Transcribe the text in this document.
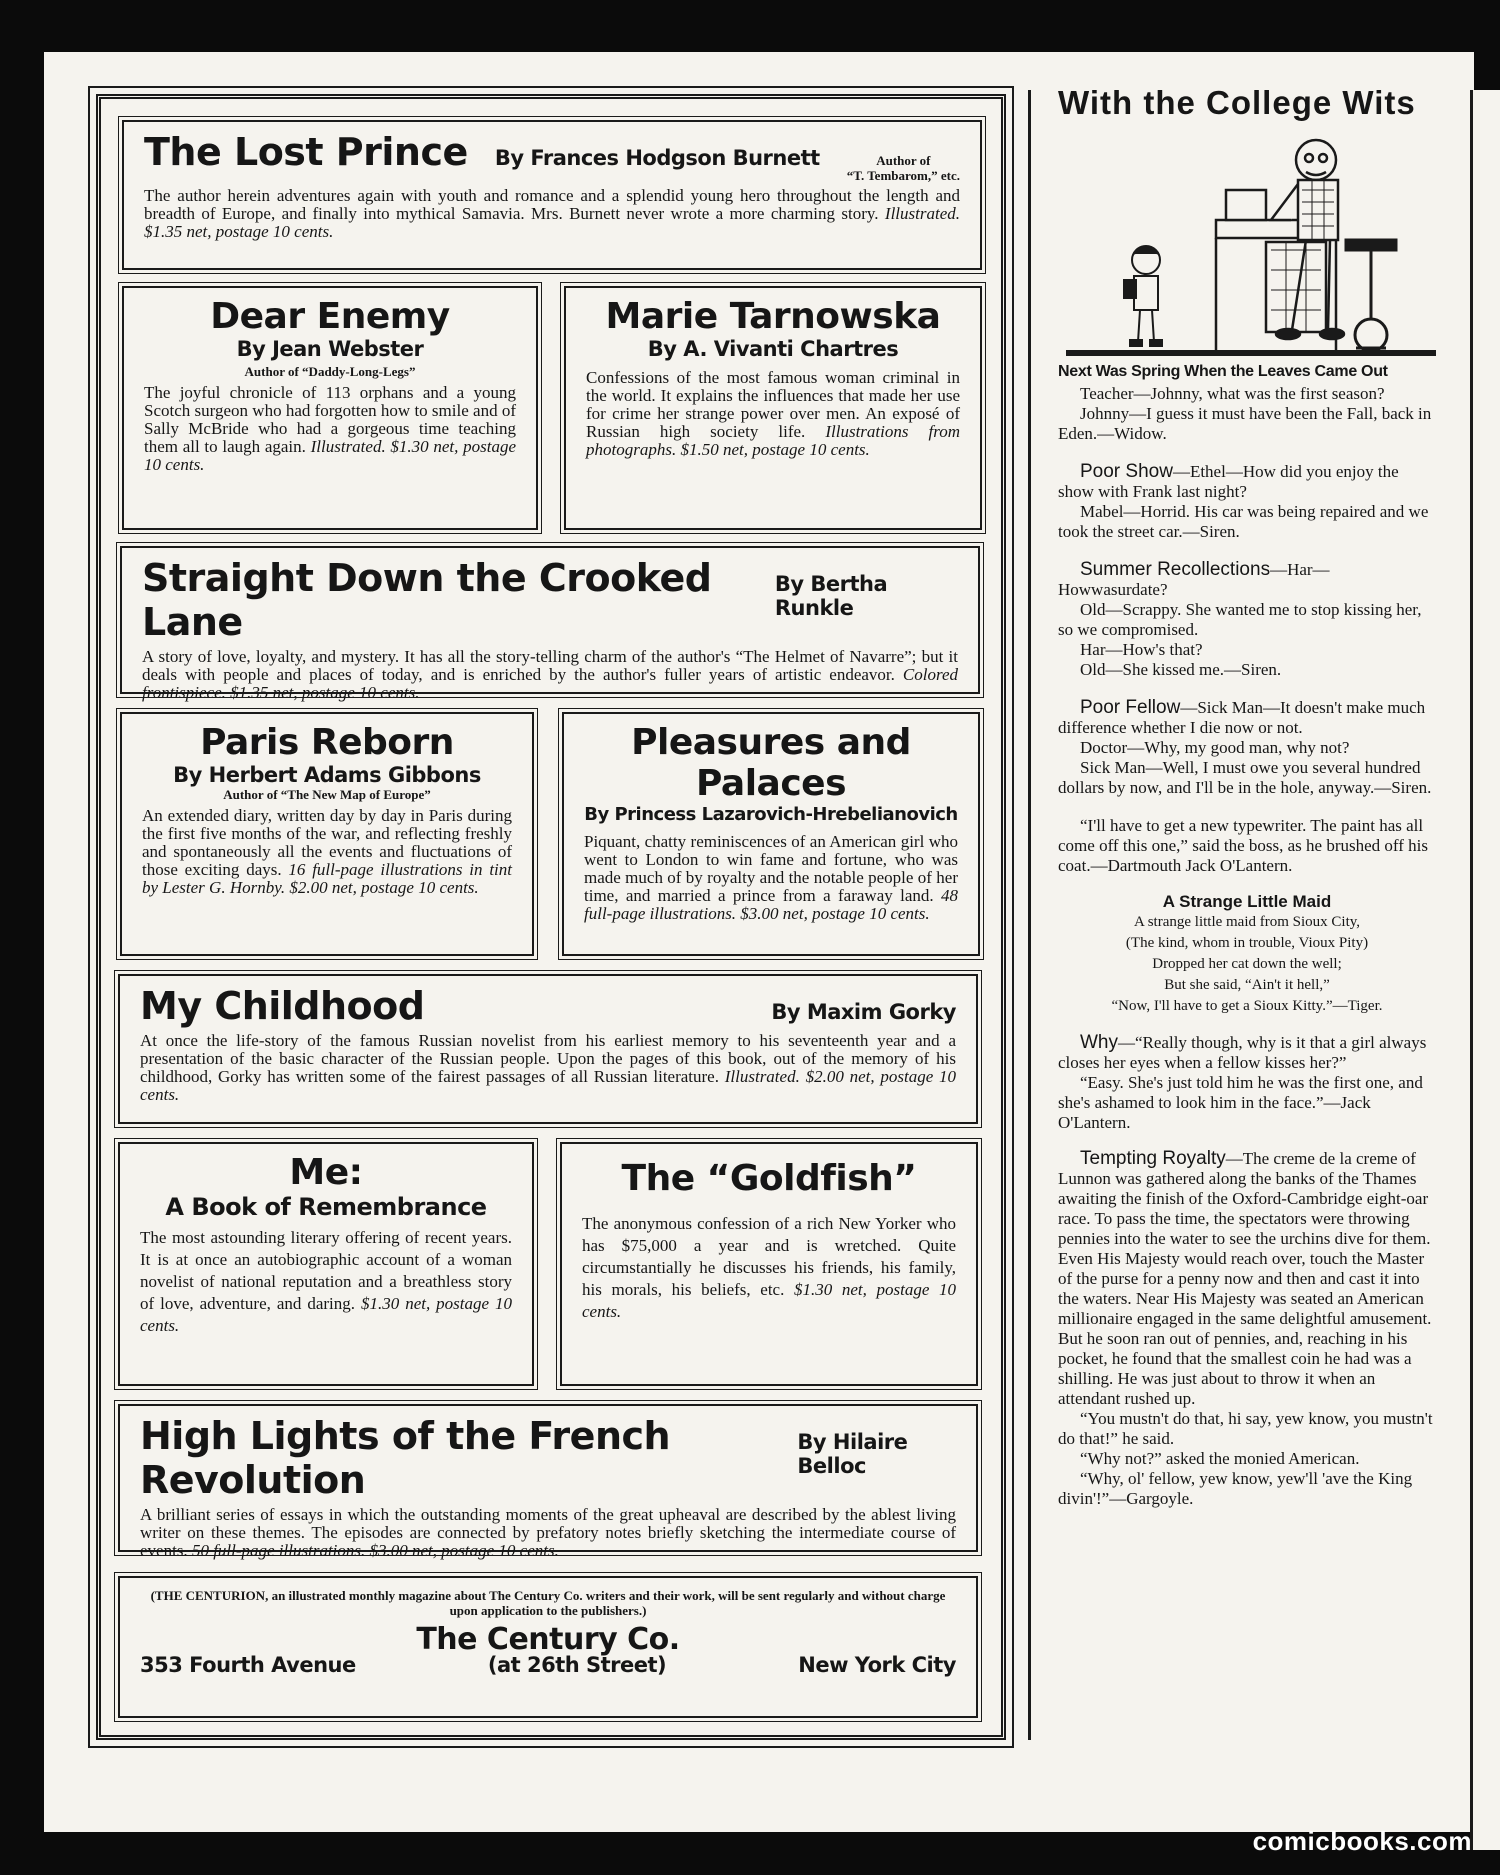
The Lost Prince By Frances Hodgson Burnett	Author of
“T. Tembarom,” etc.

The author herein adventures again with youth and romance and a splendid young hero throughout the length and breadth of Europe, and finally into mythical Samavia. Mrs. Burnett never wrote a more charming story. Illustrated. $1.35 net, postage 10 cents.

Dear Enemy
By Jean Webster
Author of “Daddy-Long-Legs”

The joyful chronicle of 113 orphans and a young Scotch surgeon who had forgotten how to smile and of Sally McBride who had a gorgeous time teaching them all to laugh again. Illustrated. $1.30 net, postage 10 cents.

Marie Tarnowska
By A. Vivanti Chartres

Confessions of the most famous woman criminal in the world. It explains the influences that made her use for crime her strange power over men. An exposé of Russian high society life. Illustrations from photographs. $1.50 net, postage 10 cents.

Straight Down the Crooked Lane
By Bertha Runkle

A story of love, loyalty, and mystery. It has all the story-telling charm of the author's “The Helmet of Navarre”; but it deals with people and places of today, and is enriched by the author's fuller years of artistic endeavor. Colored frontispiece. $1.35 net, postage 10 cents.

Paris Reborn
By Herbert Adams Gibbons
Author of “The New Map of Europe”

An extended diary, written day by day in Paris during the first five months of the war, and reflecting freshly and spontaneously all the events and fluctuations of those exciting days. 16 full-page illustrations in tint by Lester G. Hornby. $2.00 net, postage 10 cents.

Pleasures and Palaces
By Princess Lazarovich-Hrebelianovich

Piquant, chatty reminiscences of an American girl who went to London to win fame and fortune, who was made much of by royalty and the notable people of her time, and married a prince from a faraway land. 48 full-page illustrations. $3.00 net, postage 10 cents.

My Childhood	By Maxim Gorky

At once the life-story of the famous Russian novelist from his earliest memory to his seventeenth year and a presentation of the basic character of the Russian people. Upon the pages of this book, out of the memory of his childhood, Gorky has written some of the fairest passages of all Russian literature. Illustrated. $2.00 net, postage 10 cents.

Me:
A Book of Remembrance

The most astounding literary offering of recent years. It is at once an autobiographic account of a woman novelist of national reputation and a breathless story of love, adventure, and daring. $1.30 net, postage 10 cents.

The “Goldfish”

The anonymous confession of a rich New Yorker who has $75,000 a year and is wretched. Quite circumstantially he discusses his friends, his family, his morals, his beliefs, etc. $1.30 net, postage 10 cents.

High Lights of the French Revolution
By Hilaire Belloc

A brilliant series of essays in which the outstanding moments of the great upheaval are described by the ablest living writer on these themes. The episodes are connected by prefatory notes briefly sketching the intermediate course of events. 50 full-page illustrations. $3.00 net, postage 10 cents.

(THE CENTURION, an illustrated monthly magazine about The Century Co. writers and their work, will be sent regularly and without charge upon application to the publishers.)

The Century Co.
353 Fourth Avenue	(at 26th Street)	New York City
With the College Wits

Next Was Spring When the Leaves Came Out

Teacher—Johnny, what was the first season?

Johnny—I guess it must have been the Fall, back in Eden.—Widow.

Poor Show—Ethel—How did you enjoy the show with Frank last night?

Mabel—Horrid. His car was being repaired and we took the street car.—Siren.

Summer Recollections—Har—Howwasurdate?

Old—Scrappy. She wanted me to stop kissing her, so we compromised.

Har—How's that?

Old—She kissed me.—Siren.

Poor Fellow—Sick Man—It doesn't make much difference whether I die now or not.

Doctor—Why, my good man, why not?

Sick Man—Well, I must owe you several hundred dollars by now, and I'll be in the hole, anyway.—Siren.

“I'll have to get a new typewriter. The paint has all come off this one,” said the boss, as he brushed off his coat.—Dartmouth Jack O'Lantern.

A Strange Little Maid

A strange little maid from Sioux City,

(The kind, whom in trouble, Vioux Pity)

Dropped her cat down the well;

But she said, “Ain't it hell,”

“Now, I'll have to get a Sioux Kitty.”—Tiger.

Why—“Really though, why is it that a girl always closes her eyes when a fellow kisses her?”

“Easy. She's just told him he was the first one, and she's ashamed to look him in the face.”—Jack O'Lantern.

Tempting Royalty—The creme de la creme of Lunnon was gathered along the banks of the Thames awaiting the finish of the Oxford-Cambridge eight-oar race. To pass the time, the spectators were throwing pennies into the water to see the urchins dive for them. Even His Majesty would reach over, touch the Master of the purse for a penny now and then and cast it into the waters. Near His Majesty was seated an American millionaire engaged in the same delightful amusement. But he soon ran out of pennies, and, reaching in his pocket, he found that the smallest coin he had was a shilling. He was just about to throw it when an attendant rushed up.

“You mustn't do that, hi say, yew know, you mustn't do that!” he said.

“Why not?” asked the monied American.

“Why, ol' fellow, yew know, yew'll 'ave the King divin'!”—Gargoyle.

comicbooks.com
